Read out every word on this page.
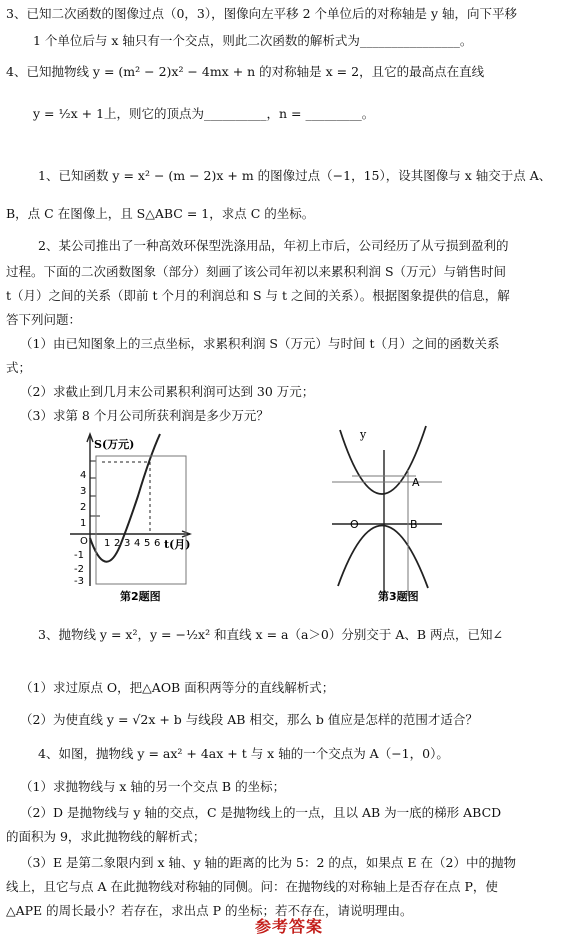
3、已知二次函数的图像过点（0，3），图像向左平移 2 个单位后的对称轴是 y 轴，向下平移
1 个单位后与 x 轴只有一个交点，则此二次函数的解析式为________________。
4、已知抛物线 y = (m² − 2)x² − 4mx + n 的对称轴是 x = 2，且它的最高点在直线
y = ½x + 1上，则它的顶点为__________，n = _________。
1、已知函数 y = x² − (m − 2)x + m 的图像过点（−1，15），设其图像与 x 轴交于点 A、
B，点 C 在图像上，且 S△ABC = 1，求点 C 的坐标。
2、某公司推出了一种高效环保型洗涤用品，年初上市后，公司经历了从亏损到盈利的
过程。下面的二次函数图象（部分）刻画了该公司年初以来累积利润 S（万元）与销售时间
t（月）之间的关系（即前 t 个月的利润总和 S 与 t 之间的关系）。根据图象提供的信息，解
答下列问题：
（1）由已知图象上的三点坐标，求累积利润 S（万元）与时间 t（月）之间的函数关系
式；
（2）求截止到几月末公司累积利润可达到 30 万元；
（3）求第 8 个月公司所获利润是多少万元？
S(万元)
t(月)
4
3
2
1
O
-1
-2
-3
1 2 3 4 5 6
第2题图
y
A
O	B
第3题图
3、抛物线 y = x²，y = −½x² 和直线 x = a（a＞0）分别交于 A、B 两点，已知∠
（1）求过原点 O，把△AOB 面积两等分的直线解析式；
（2）为使直线 y = √2x + b 与线段 AB 相交，那么 b 值应是怎样的范围才适合？
4、如图，抛物线 y = ax² + 4ax + t 与 x 轴的一个交点为 A（−1，0）。
（1）求抛物线与 x 轴的另一个交点 B 的坐标；
（2）D 是抛物线与 y 轴的交点，C 是抛物线上的一点，且以 AB 为一底的梯形 ABCD
的面积为 9，求此抛物线的解析式；
（3）E 是第二象限内到 x 轴、y 轴的距离的比为 5：2 的点，如果点 E 在（2）中的抛物
线上，且它与点 A 在此抛物线对称轴的同侧。问：在抛物线的对称轴上是否存在点 P，使
△APE 的周长最小？若存在，求出点 P 的坐标；若不存在，请说明理由。
参考答案
